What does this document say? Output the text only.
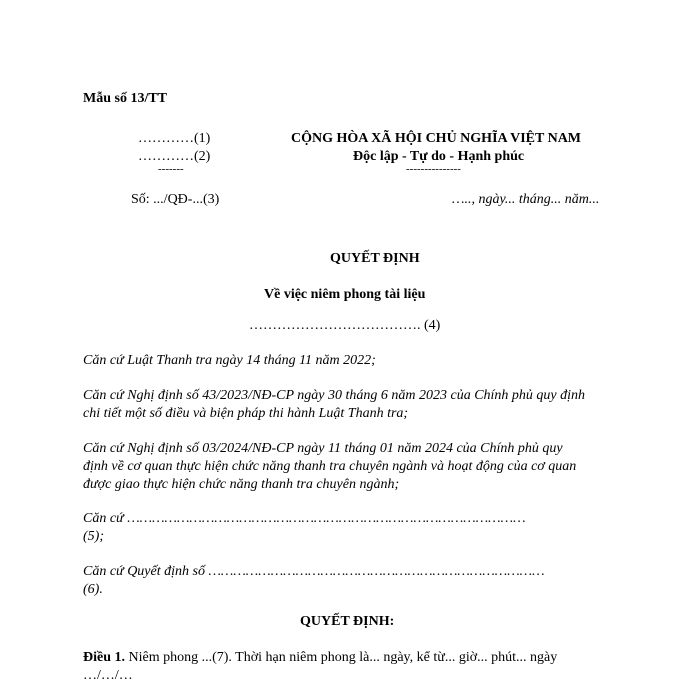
Mẫu số 13/TT
…………(1)
…………(2)
-------
Số: .../QĐ-...(3)
CỘNG HÒA XÃ HỘI CHỦ NGHĨA VIỆT NAM
Độc lập - Tự do - Hạnh phúc
---------------
….., ngày... tháng... năm...
QUYẾT ĐỊNH
Về việc niêm phong tài liệu
………………………………. (4)
Căn cứ Luật Thanh tra ngày 14 tháng 11 năm 2022;
Căn cứ Nghị định số 43/2023/NĐ-CP ngày 30 tháng 6 năm 2023 của Chính phủ quy định
chi tiết một số điều và biện pháp thi hành Luật Thanh tra;
Căn cứ Nghị định số 03/2024/NĐ-CP ngày 11 tháng 01 năm 2024 của Chính phủ quy
định về cơ quan thực hiện chức năng thanh tra chuyên ngành và hoạt động của cơ quan
được giao thực hiện chức năng thanh tra chuyên ngành;
Căn cứ ……………………………………………………………………………………
(5);
Căn cứ Quyết định số ………………………………………………………………………
(6).
QUYẾT ĐỊNH:
Điều 1. Niêm phong ...(7). Thời hạn niêm phong là... ngày, kể từ... giờ... phút... ngày
…/…/…
